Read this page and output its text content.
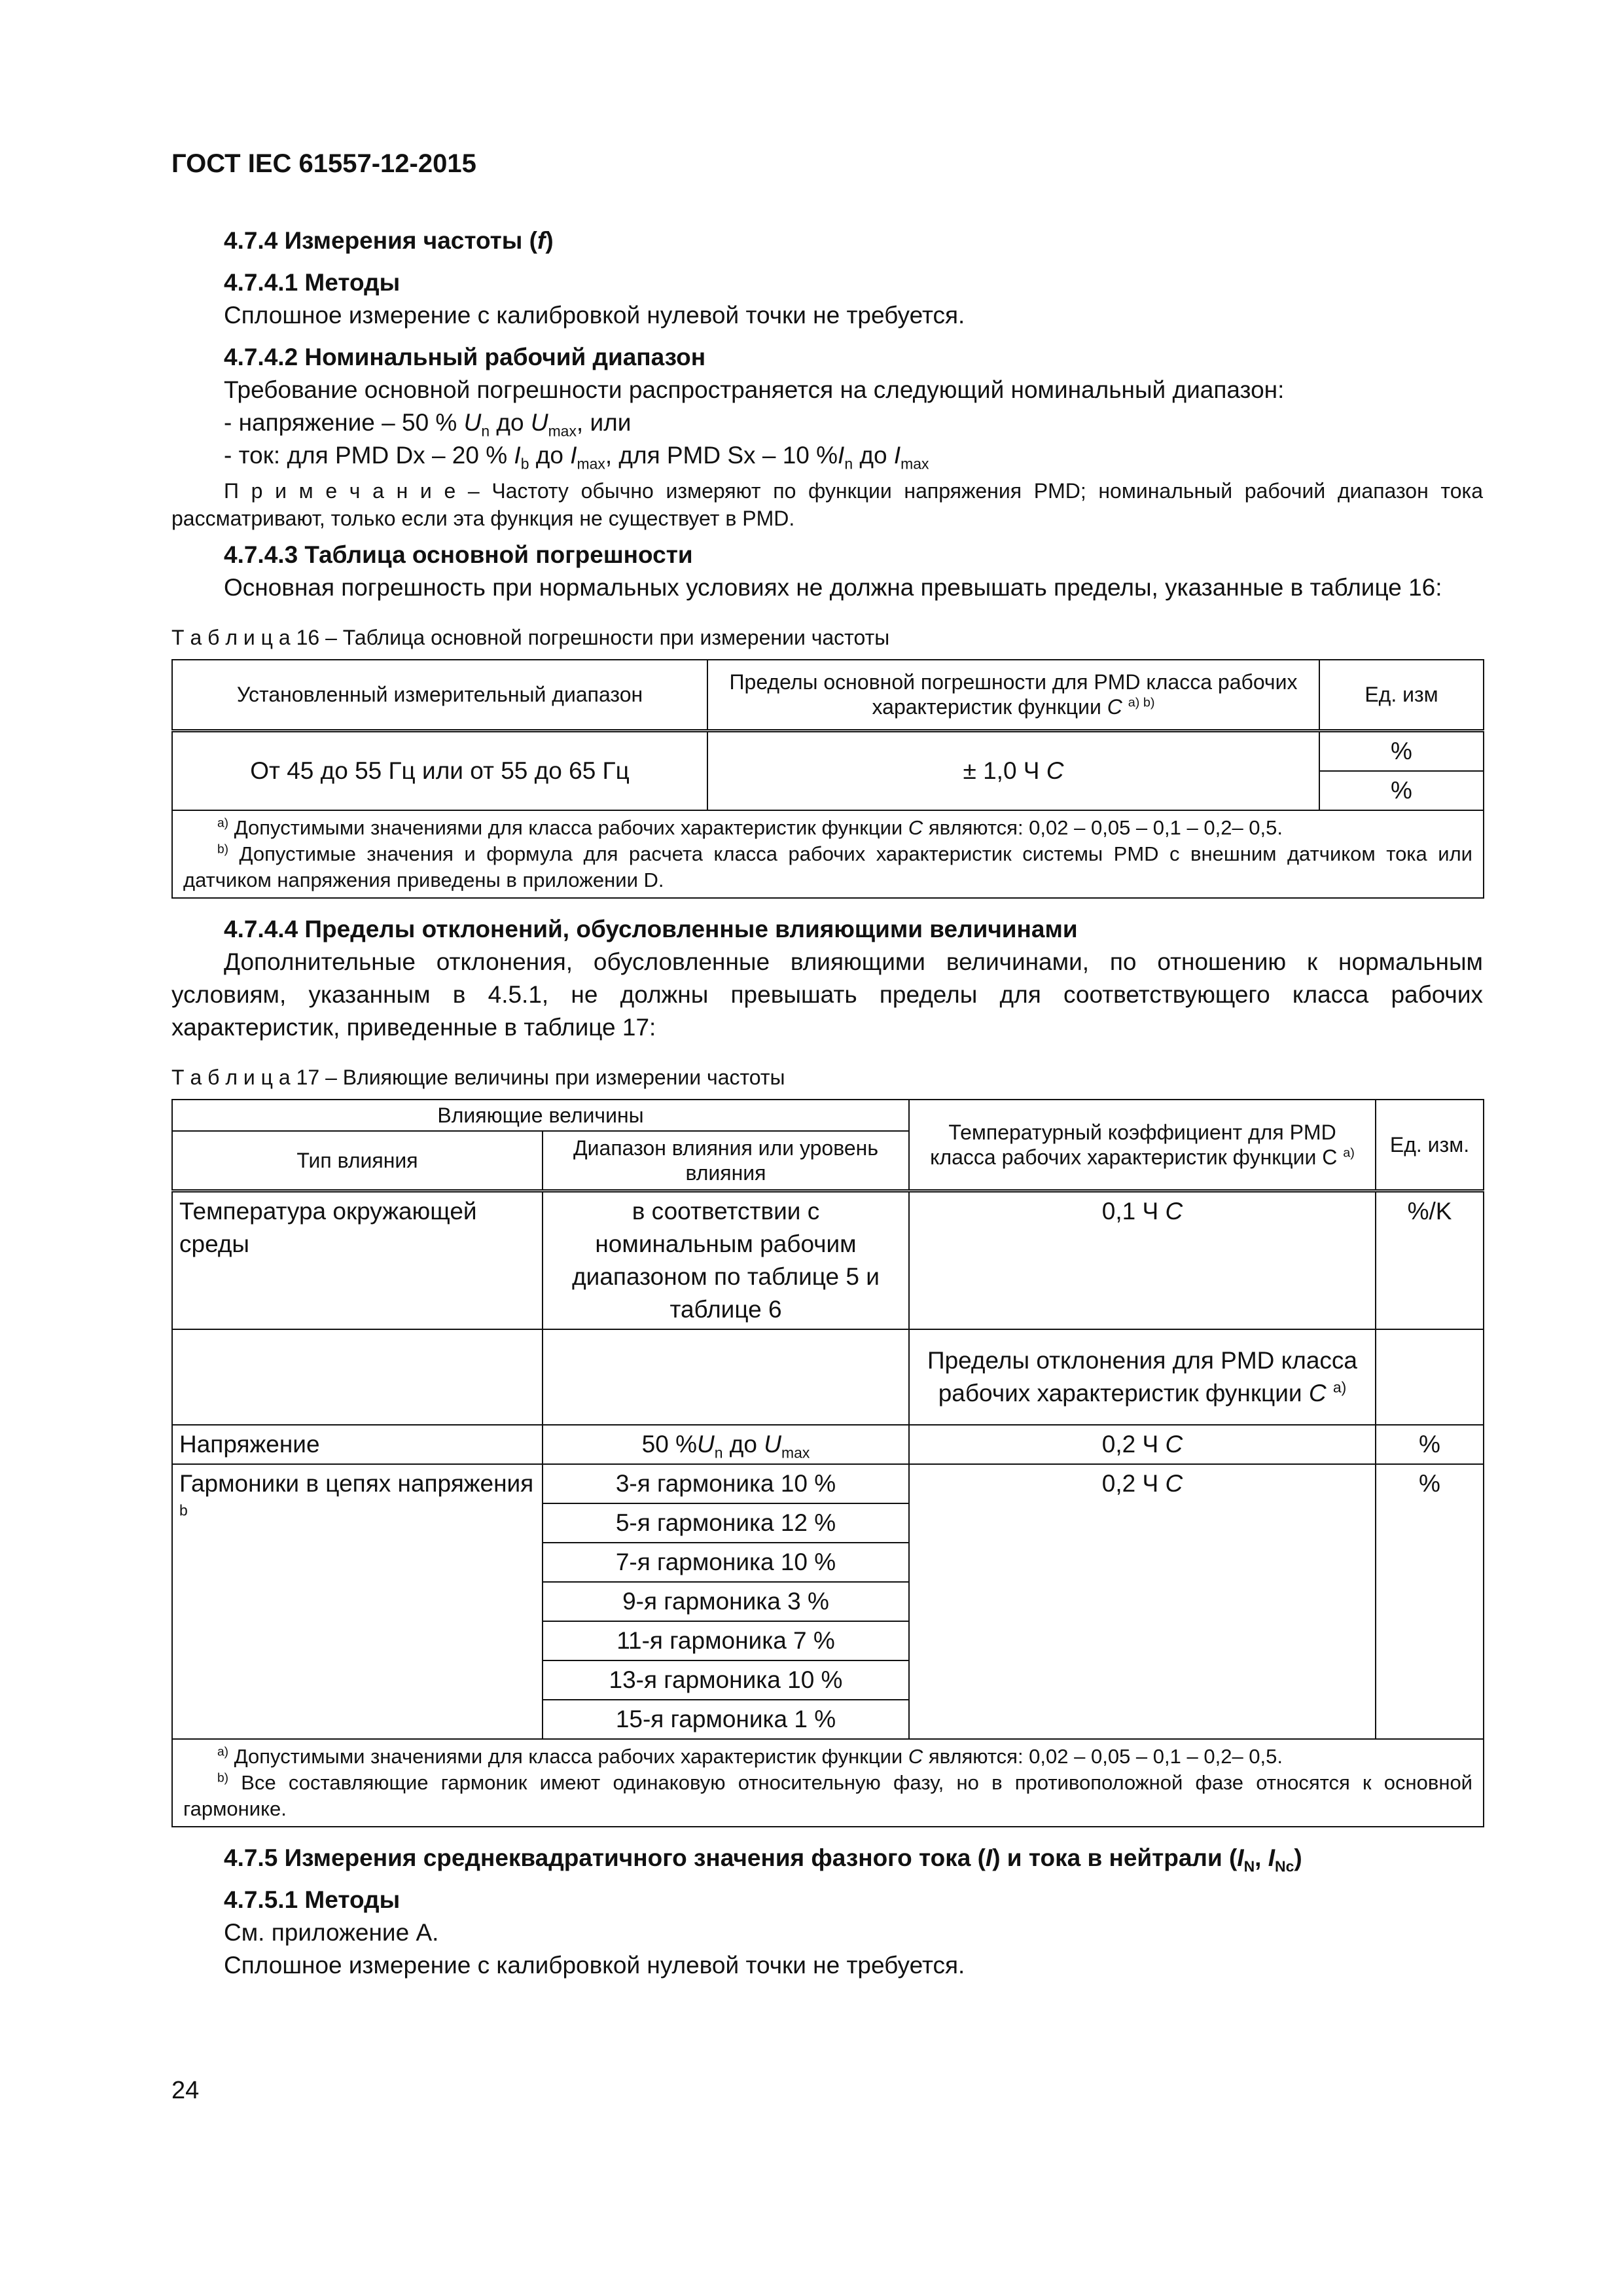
ГОСТ IEC 61557-12-2015

4.7.4 Измерения частоты (f)

4.7.4.1 Методы

Сплошное измерение с калибровкой нулевой точки не требуется.

4.7.4.2 Номинальный рабочий диапазон

Требование основной погрешности распространяется на следующий номинальный диапазон:

- напряжение – 50 % $U_n$ до $U_{max}$, или

- ток: для PMD Dx – 20 % $I_b$ до $I_{max}$, для PMD Sx – 10 $\%I_n$ до $I_{max}$

П р и м е ч а н и е – Частоту обычно измеряют по функции напряжения PMD; номинальный рабочий диапазон тока рассматривают, только если эта функция не существует в PMD.

4.7.4.3 Таблица основной погрешности

Основная погрешность при нормальных условиях не должна превышать пределы, указанные в таблице 16:

Т а б л и ц а 16 – Таблица основной погрешности при измерении частоты

Установленный измерительный диапазон	Пределы основной погрешности для PMD класса рабочих характеристик функции C $^{a) b)}$	Ед. изм
От 45 до 55 Гц или от 55 до 65 Гц	± 1,0 Ч C	%
		%

$^{a)}$ Допустимыми значениями для класса рабочих характеристик функции C являются: 0,02 – 0,05 – 0,1 – 0,2– 0,5.
$^{b)}$ Допустимые значения и формула для расчета класса рабочих характеристик системы PMD с внешним датчиком тока или датчиком напряжения приведены в приложении D.		

4.7.4.4 Пределы отклонений, обусловленные влияющими величинами

Дополнительные отклонения, обусловленные влияющими величинами, по отношению к нормальным условиям, указанным в 4.5.1, не должны превышать пределы для соответствующего класса рабочих характеристик, приведенные в таблице 17:

Т а б л и ц а 17 – Влияющие величины при измерении частоты

Влияющие величины		Температурный коэффициент для PMD класса рабочих характеристик функции С $^{a)}$	Ед. изм.
Тип влияния	Диапазон влияния или уровень влияния		
Температура окружающей среды	в соответствии с номинальным рабочим диапазоном по таблице 5 и таблице 6	0,1 Ч C	%/K
		Пределы отклонения для PMD класса рабочих характеристик функции C $^{a)}$	
Напряжение	50 $\%U_n$ до $U_{max}$	0,2 Ч C	%
Гармоники в цепях напряжения $^b$	3-я гармоника 10 %	0,2 Ч C	%
	5-я гармоника 12 %		
	7-я гармоника 10 %		
	9-я гармоника 3 %		
	11-я гармоника 7 %		
	13-я гармоника 10 %		
	15-я гармоника 1 %		

$^{a)}$ Допустимыми значениями для класса рабочих характеристик функции C являются: 0,02 – 0,05 – 0,1 – 0,2– 0,5.
$^{b)}$ Все составляющие гармоник имеют одинаковую относительную фазу, но в противоположной фазе относятся к основной гармонике.			

4.7.5 Измерения среднеквадратичного значения фазного тока (I) и тока в нейтрали ($I_N$, $I_{Nc}$)

4.7.5.1 Методы

См. приложение А.

Сплошное измерение с калибровкой нулевой точки не требуется.

24
